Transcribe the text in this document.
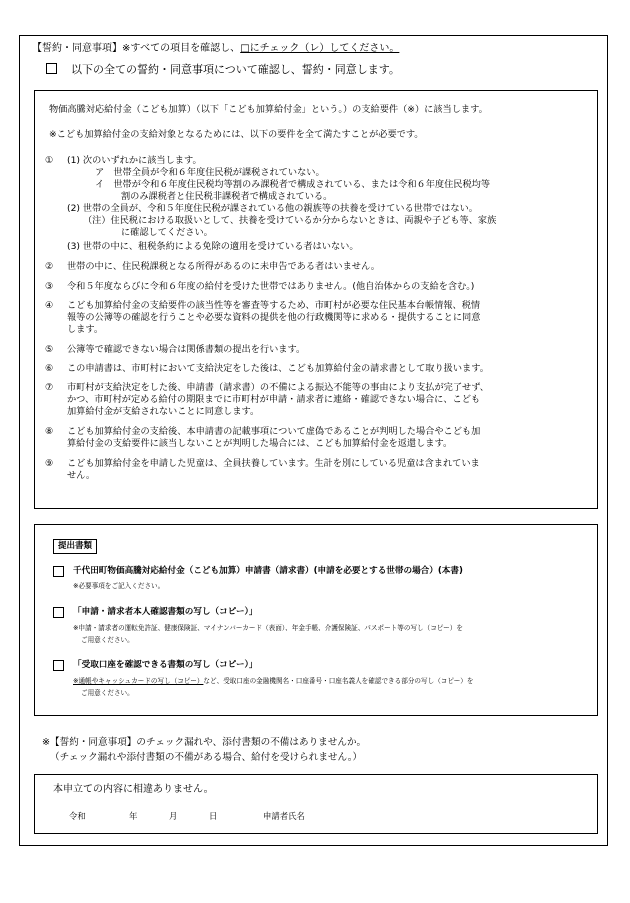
【誓約・同意事項】※すべての項目を確認し、□にチェック（レ）してください。
以下の全ての誓約・同意事項について確認し、誓約・同意します。
物価高騰対応給付金（こども加算）（以下「こども加算給付金」という。）の支給要件（※）に該当します。
※こども加算給付金の支給対象となるためには、以下の要件を全て満たすことが必要です。
① (1) 次のいずれかに該当します。
ア　世帯全員が令和６年度住民税が課税されていない。
イ　世帯が令和６年度住民税均等割のみ課税者で構成されている、または令和６年度住民税均等
割のみ課税者と住民税非課税者で構成されている。
(2) 世帯の全員が、令和５年度住民税が課されている他の親族等の扶養を受けている世帯ではない。
（注）住民税における取扱いとして、扶養を受けているか分からないときは、両親や子ども等、家族
に確認してください。
(3) 世帯の中に、租税条約による免除の適用を受けている者はいない。
② 世帯の中に、住民税課税となる所得があるのに未申告である者はいません。
③ 令和５年度ならびに令和６年度の給付を受けた世帯ではありません。(他自治体からの支給を含む。)
④ こども加算給付金の支給要件の該当性等を審査等するため、市町村が必要な住民基本台帳情報、税情
報等の公簿等の確認を行うことや必要な資料の提供を他の行政機関等に求める・提供することに同意
します。
⑤ 公簿等で確認できない場合は関係書類の提出を行います。
⑥ この申請書は、市町村において支給決定をした後は、こども加算給付金の請求書として取り扱います。
⑦ 市町村が支給決定をした後、申請書（請求書）の不備による振込不能等の事由により支払が完了せず、
かつ、市町村が定める給付の期限までに市町村が申請・請求者に連絡・確認できない場合に、こども
加算給付金が支給されないことに同意します。
⑧ こども加算給付金の支給後、本申請書の記載事項について虚偽であることが判明した場合やこども加
算給付金の支給要件に該当しないことが判明した場合には、こども加算給付金を返還します。
⑨ こども加算給付金を申請した児童は、全員扶養しています。生計を別にしている児童は含まれていま
せん。
提出書類
千代田町物価高騰対応給付金（こども加算）申請書（請求書）(申請を必要とする世帯の場合）(本書)
※必要事項をご記入ください。
「申請・請求者本人確認書類の写し（コピー）」
※申請・請求者の運転免許証、健康保険証、マイナンバーカード（表面）、年金手帳、介護保険証、パスポート等の写し（コピー）を
ご用意ください。
「受取口座を確認できる書類の写し（コピー）」
※通帳やキャッシュカードの写し（コピー）など、受取口座の金融機関名・口座番号・口座名義人を確認できる部分の写し（コピー）を
ご用意ください。
※【誓約・同意事項】のチェック漏れや、添付書類の不備はありませんか。
（チェック漏れや添付書類の不備がある場合、給付を受けられません。）
本申立ての内容に相違ありません。
令和	年	月	日	申請者氏名
